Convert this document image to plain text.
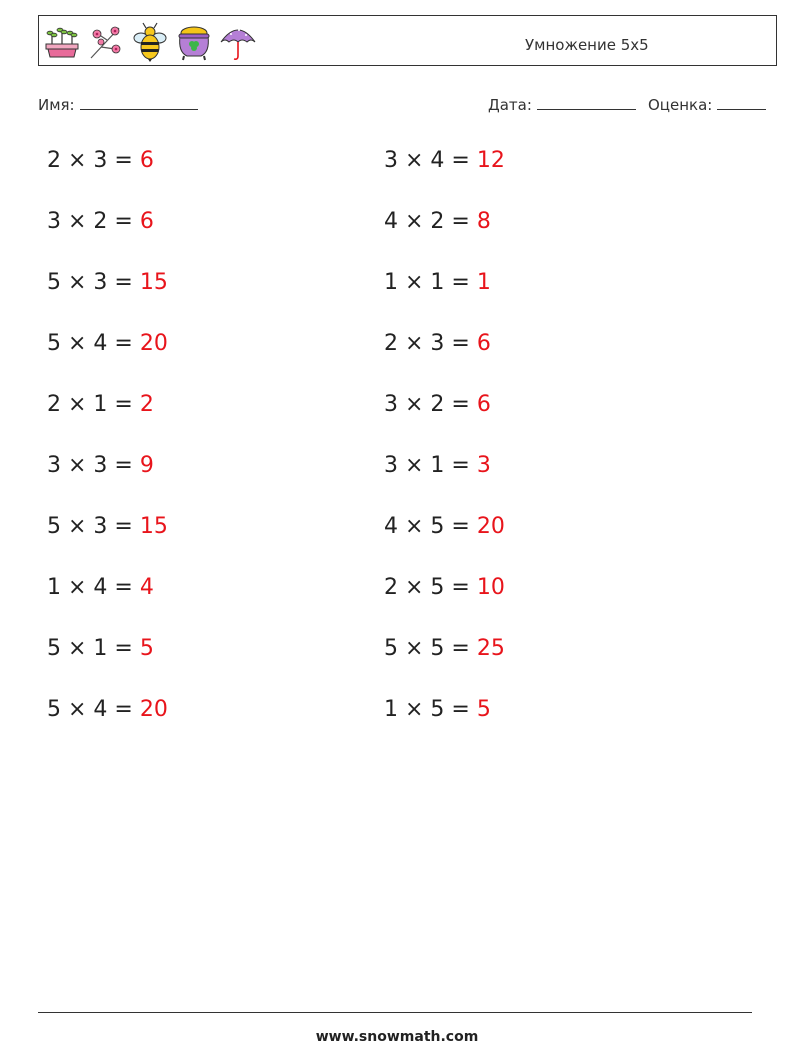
Умножение 5x5
Имя:	Дата:	Оценка:
2 × 3 = 6	3 × 4 = 12
3 × 2 = 6	4 × 2 = 8
5 × 3 = 15	1 × 1 = 1
5 × 4 = 20	2 × 3 = 6
2 × 1 = 2	3 × 2 = 6
3 × 3 = 9	3 × 1 = 3
5 × 3 = 15	4 × 5 = 20
1 × 4 = 4	2 × 5 = 10
5 × 1 = 5	5 × 5 = 25
5 × 4 = 20	1 × 5 = 5
www.snowmath.com
